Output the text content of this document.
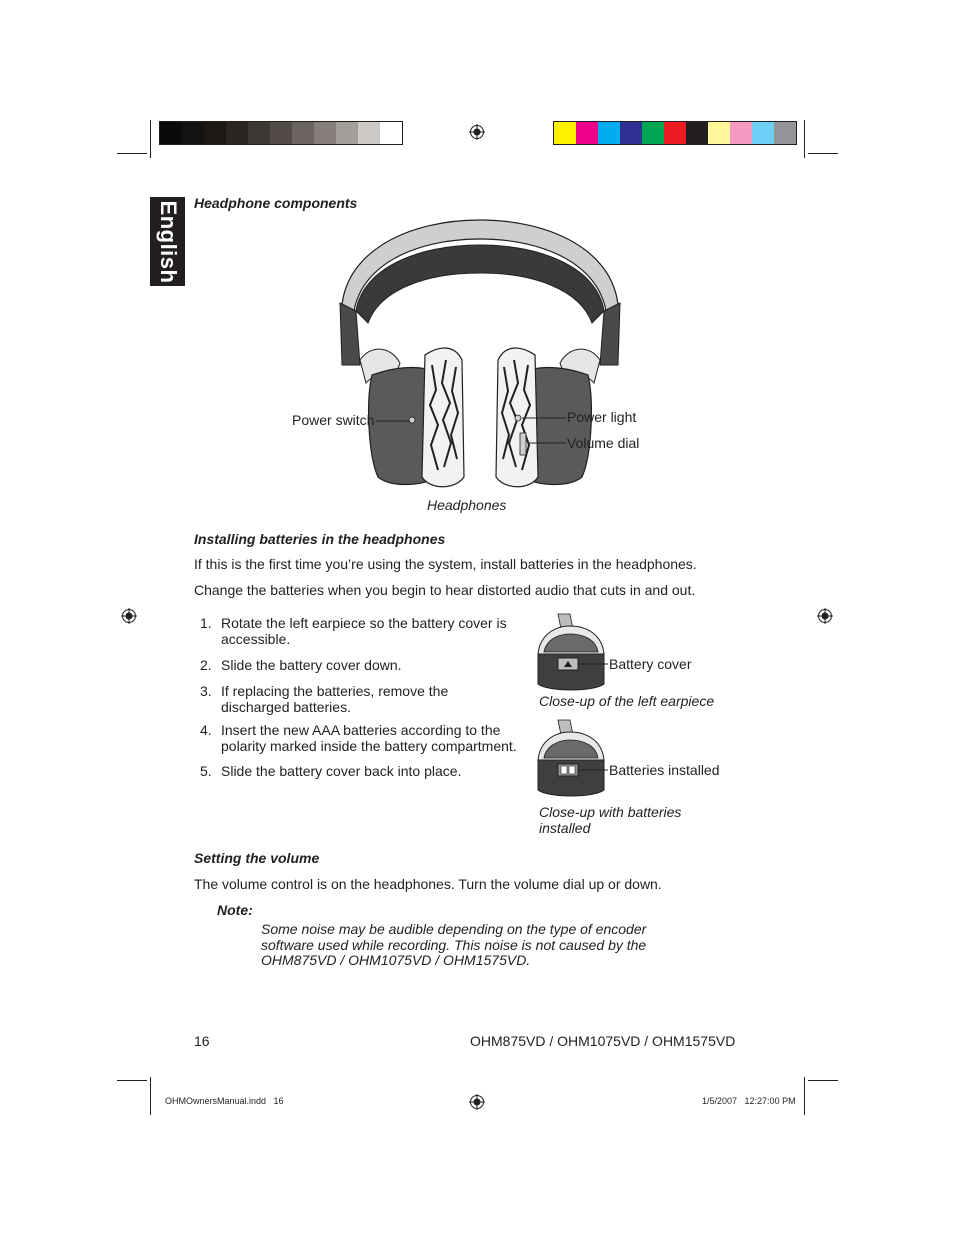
English Headphone components
Power switch	Power light
Volume dial
Headphones
Installing batteries in the headphones
If this is the first time you’re using the system, install batteries in the headphones.
Change the batteries when you begin to hear distorted audio that cuts in and out.
1. Rotate the left earpiece so the battery cover is
accessible.
2. Slide the battery cover down.
3. If replacing the batteries, remove the
discharged batteries.
4. Insert the new AAA batteries according to the
polarity marked inside the battery compartment.
5. Slide the battery cover back into place.
Battery cover
Close-up of the left earpiece
Batteries installed
Close-up with batteries
installed
Setting the volume
The volume control is on the headphones. Turn the volume dial up or down.
Note:
Some noise may be audible depending on the type of encoder
software used while recording. This noise is not caused by the
OHM875VD / OHM1075VD / OHM1575VD.
16	OHM875VD / OHM1075VD / OHM1575VD
OHMOwnersManual.indd   16	1/5/2007   12:27:00 PM
